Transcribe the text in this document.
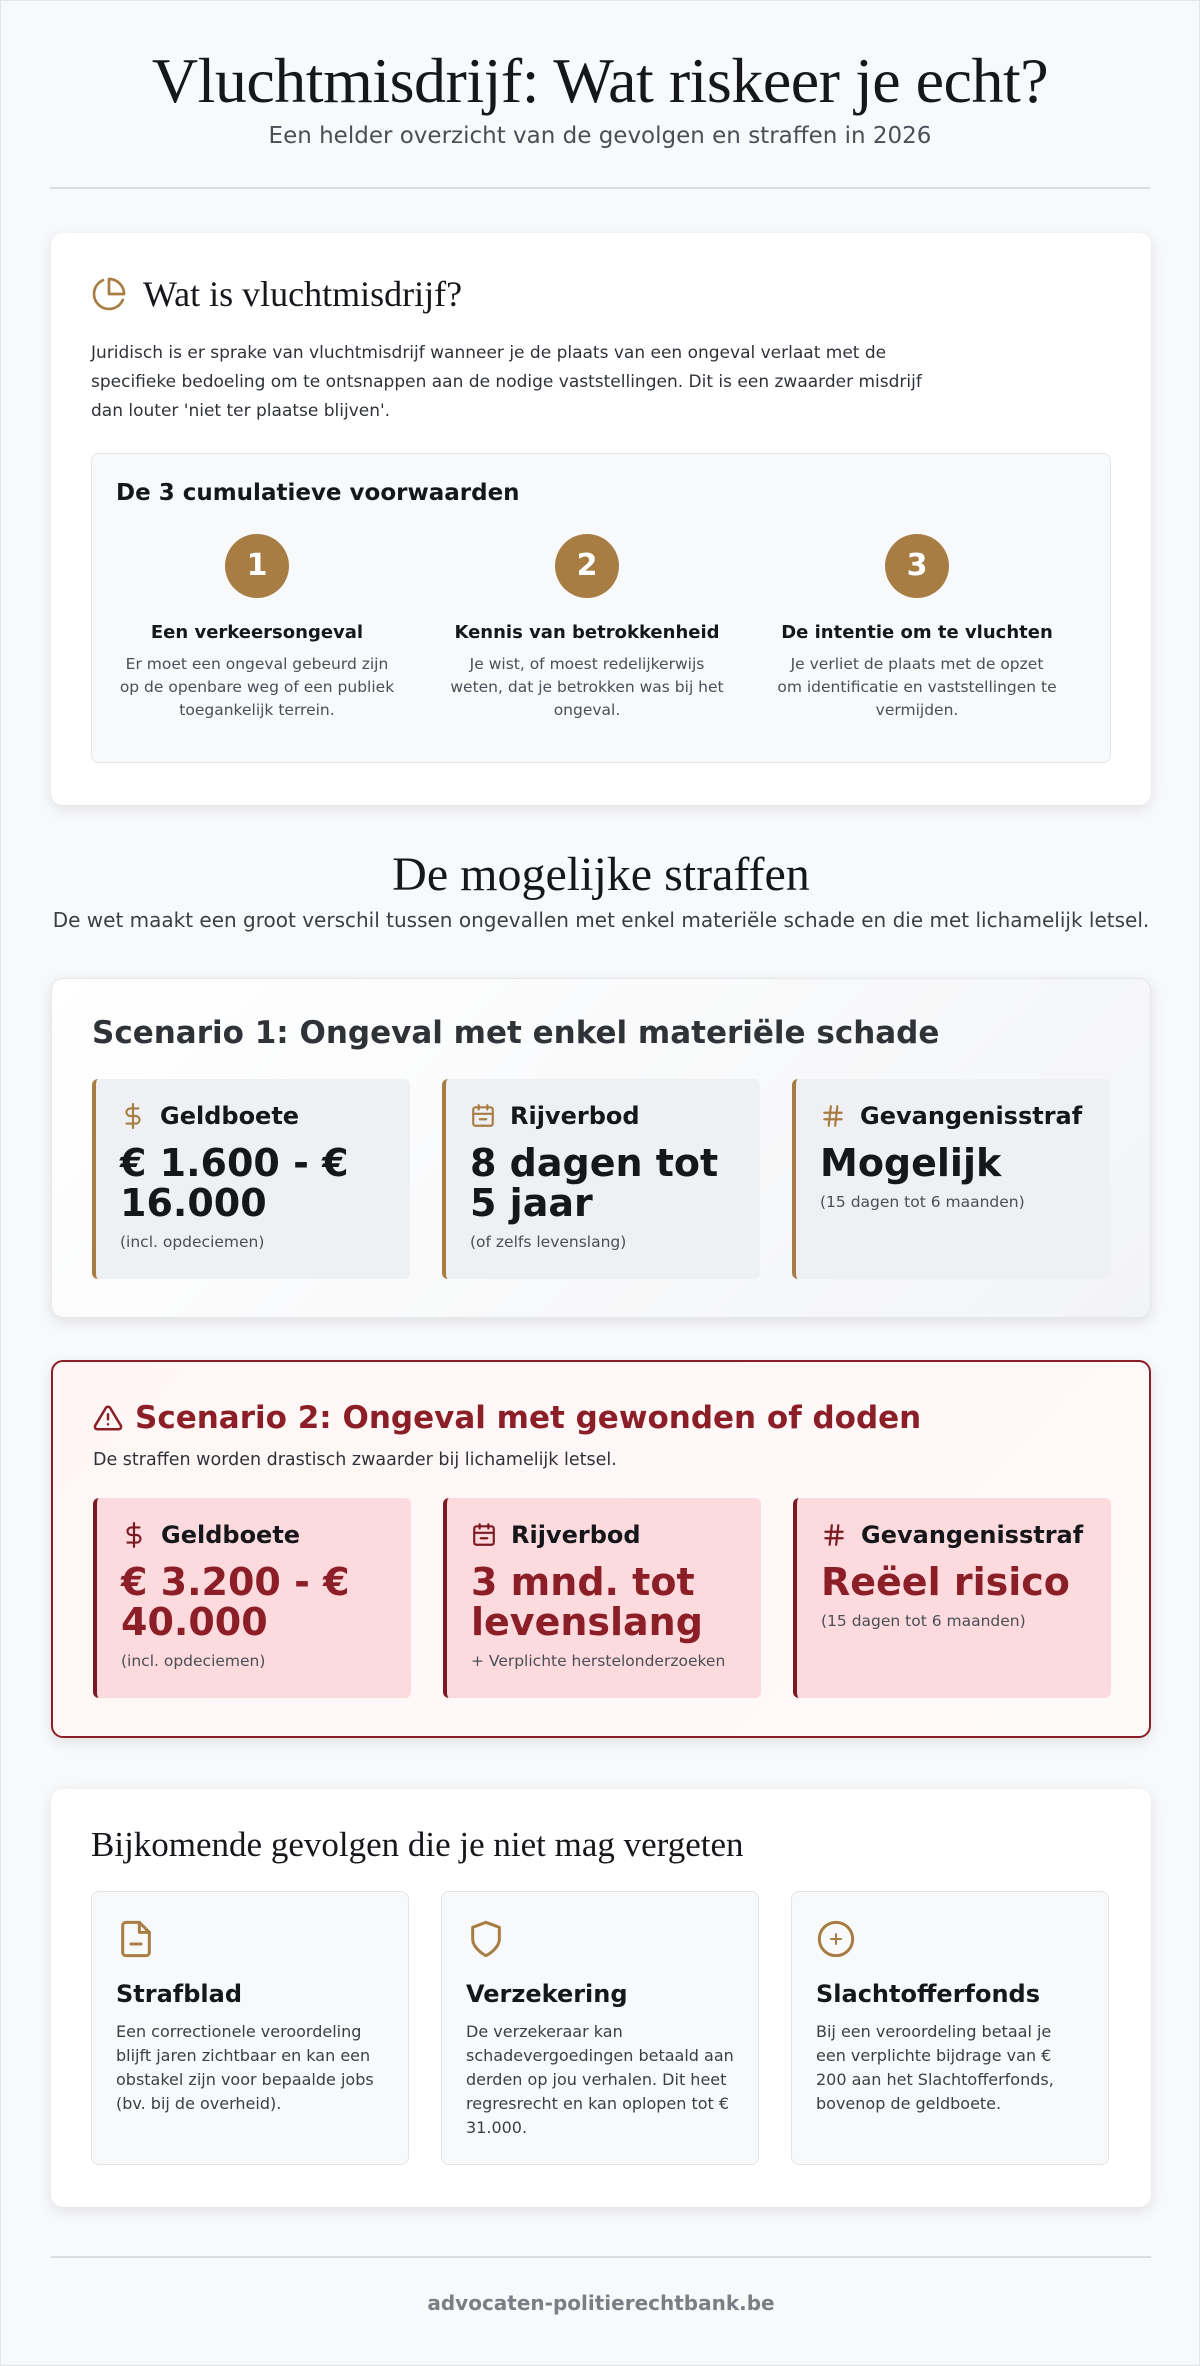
Vluchtmisdrijf: Wat riskeer je echt?
Een helder overzicht van de gevolgen en straffen in 2026
Wat is vluchtmisdrijf?

Juridisch is er sprake van vluchtmisdrijf wanneer je de plaats van een ongeval verlaat met de specifieke bedoeling om te ontsnappen aan de nodige vaststellingen. Dit is een zwaarder misdrijf dan louter 'niet ter plaatse blijven'.

De 3 cumulatieve voorwaarden
1
Een verkeersongeval
Er moet een ongeval gebeurd zijn op de openbare weg of een publiek toegankelijk terrein.
2
Kennis van betrokkenheid
Je wist, of moest redelijkerwijs weten, dat je betrokken was bij het ongeval.
3
De intentie om te vluchten
Je verliet de plaats met de opzet om identificatie en vaststellingen te vermijden.
De mogelijke straffen

De wet maakt een groot verschil tussen ongevallen met enkel materiële schade en die met lichamelijk letsel.

Scenario 1: Ongeval met enkel materiële schade
Geldboete
€ 1.600 - € 16.000
(incl. opdeciemen)
Rijverbod
8 dagen tot 5 jaar
(of zelfs levenslang)
Gevangenisstraf
Mogelijk
(15 dagen tot 6 maanden)
Scenario 2: Ongeval met gewonden of doden
De straffen worden drastisch zwaarder bij lichamelijk letsel.
Geldboete
€ 3.200 - € 40.000
(incl. opdeciemen)
Rijverbod
3 mnd. tot levenslang
+ Verplichte herstelonderzoeken
Gevangenisstraf
Reëel risico
(15 dagen tot 6 maanden)
Bijkomende gevolgen die je niet mag vergeten
Strafblad
Een correctionele veroordeling blijft jaren zichtbaar en kan een obstakel zijn voor bepaalde jobs (bv. bij de overheid).
Verzekering
De verzekeraar kan schadevergoedingen betaald aan derden op jou verhalen. Dit heet regresrecht en kan oplopen tot € 31.000.
Slachtofferfonds
Bij een veroordeling betaal je een verplichte bijdrage van € 200 aan het Slachtofferfonds, bovenop de geldboete.
advocaten-politierechtbank.be
